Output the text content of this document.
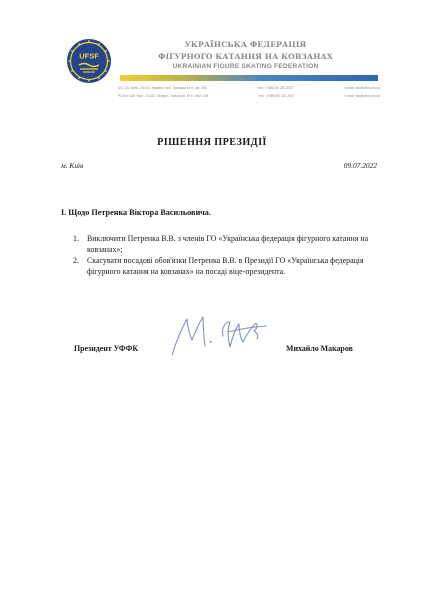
UFSF
УКРАЇНСЬКА ФЕДЕРАЦІЯ
ФІГУРНОГО КАТАННЯ НА КОВЗАНАХ
UKRAINIAN FIGURE SKATING FEDERATION
А/С 120, Київ – 01042, Україна / вул. Турецька 19 б, оф. 205	тел.: (+380) 50 310-2627	e-mail: info@ufsf.com.ua
PO box 120, Kyiv – 01042, Ukraine / Tarivka str. 19 b, office 205	тел.: (+380) 50 310-2627	e-mail: info@ufsf.com.ua
РІШЕННЯ ПРЕЗИДІЇ
м. Київ	09.07.2022
І. Щодо Петренка Віктора Васильовича.
1.	Виключити Петренка В.В. з членів ГО «Українська федерація фігурного катання на ковзанах»;
2.	Скасувати посадові обов'язки Петренка В.В. в Президії ГО «Українська федерація фігурного катання на ковзанах» на посаді віце-президента.
Президент УФФК	Михайло Макаров
